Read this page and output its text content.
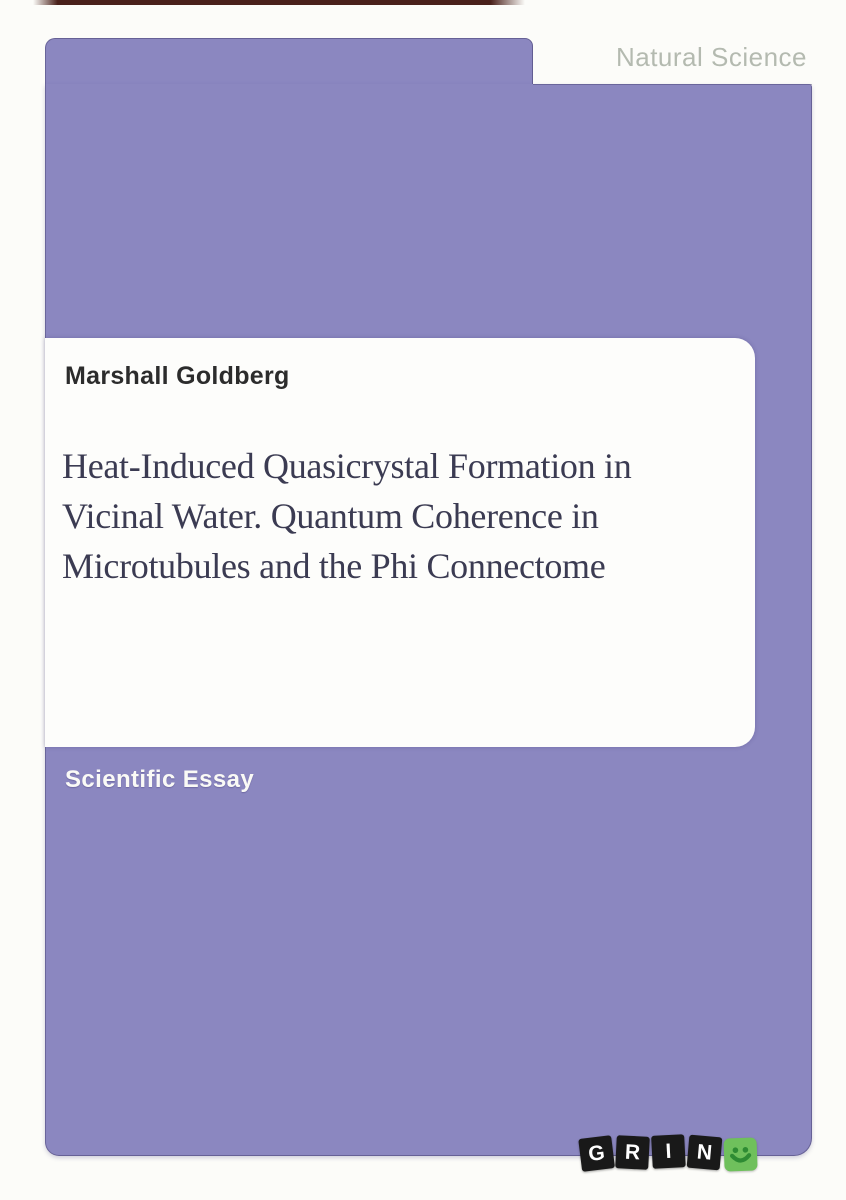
Natural Science
Marshall Goldberg
Heat-Induced Quasicrystal Formation in
Vicinal Water. Quantum Coherence in
Microtubules and the Phi Connectome
Scientific Essay
G R	I	N
